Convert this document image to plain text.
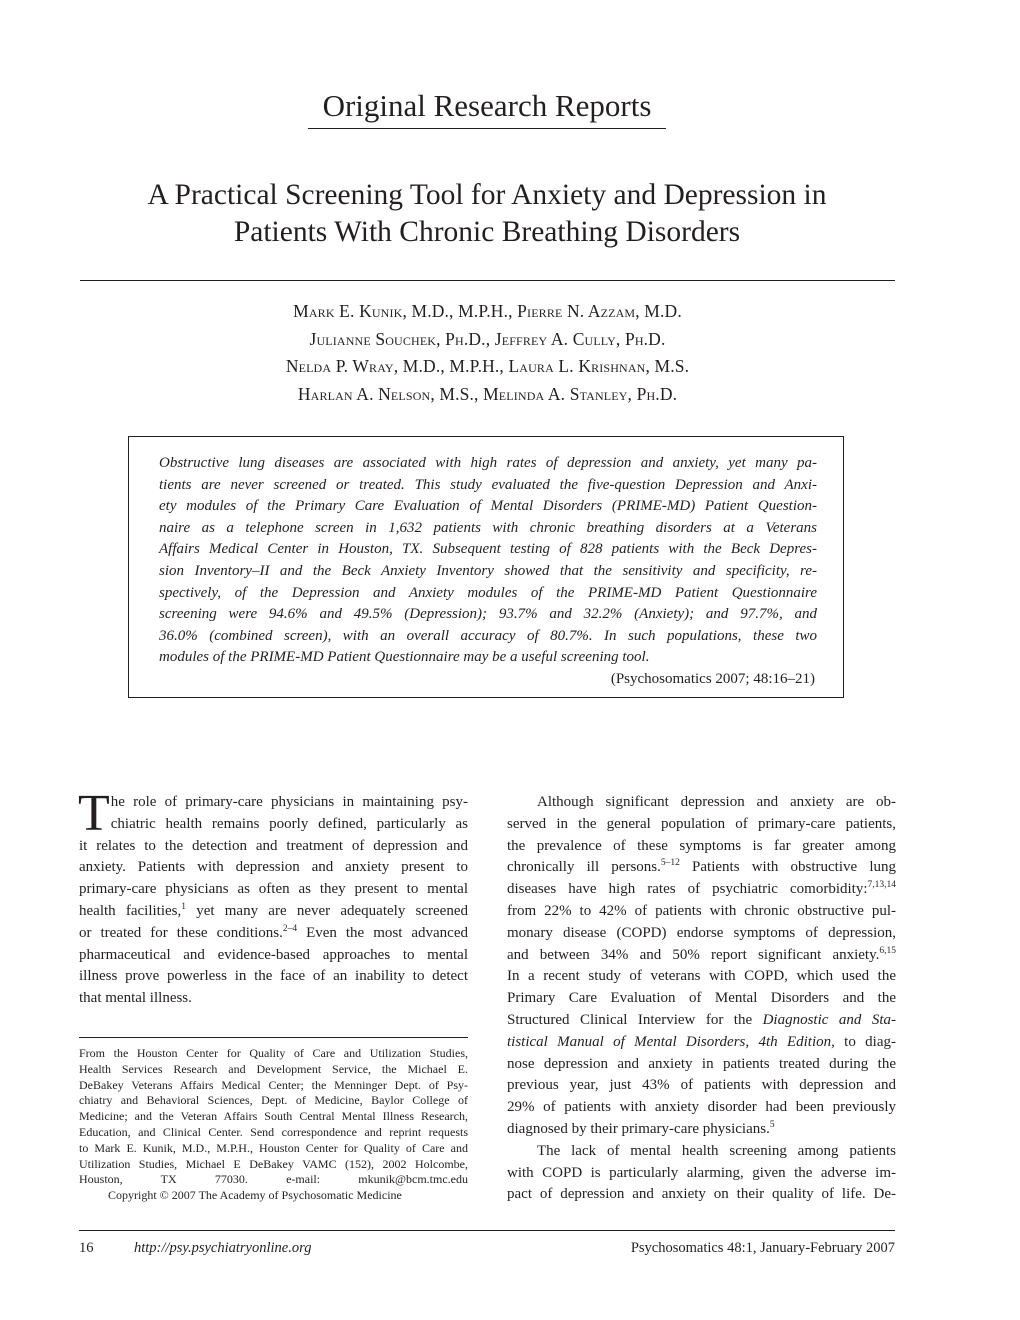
Original Research Reports
A Practical Screening Tool for Anxiety and Depression in
Patients With Chronic Breathing Disorders
Mark E. Kunik, M.D., M.P.H., Pierre N. Azzam, M.D.
Julianne Souchek, Ph.D., Jeffrey A. Cully, Ph.D.
Nelda P. Wray, M.D., M.P.H., Laura L. Krishnan, M.S.
Harlan A. Nelson, M.S., Melinda A. Stanley, Ph.D.
Obstructive lung diseases are associated with high rates of depression and anxiety, yet many pa-
tients are never screened or treated. This study evaluated the five-question Depression and Anxi-
ety modules of the Primary Care Evaluation of Mental Disorders (PRIME-MD) Patient Question-
naire as a telephone screen in 1,632 patients with chronic breathing disorders at a Veterans
Affairs Medical Center in Houston, TX. Subsequent testing of 828 patients with the Beck Depres-
sion Inventory–II and the Beck Anxiety Inventory showed that the sensitivity and specificity, re-
spectively, of the Depression and Anxiety modules of the PRIME-MD Patient Questionnaire
screening were 94.6% and 49.5% (Depression); 93.7% and 32.2% (Anxiety); and 97.7%, and
36.0% (combined screen), with an overall accuracy of 80.7%. In such populations, these two
modules of the PRIME-MD Patient Questionnaire may be a useful screening tool.
(Psychosomatics 2007; 48:16–21)
T he role of primary-care physicians in maintaining psy-
chiatric health remains poorly defined, particularly as
it relates to the detection and treatment of depression and
anxiety. Patients with depression and anxiety present to
primary-care physicians as often as they present to mental
health facilities,$^1$ yet many are never adequately screened
or treated for these conditions.$^{2-4}$ Even the most advanced
pharmaceutical and evidence-based approaches to mental
illness prove powerless in the face of an inability to detect
that mental illness.
From the Houston Center for Quality of Care and Utilization Studies,
Health Services Research and Development Service, the Michael E.
DeBakey Veterans Affairs Medical Center; the Menninger Dept. of Psy-
chiatry and Behavioral Sciences, Dept. of Medicine, Baylor College of
Medicine; and the Veteran Affairs South Central Mental Illness Research,
Education, and Clinical Center. Send correspondence and reprint requests
to Mark E. Kunik, M.D., M.P.H., Houston Center for Quality of Care and
Utilization Studies, Michael E DeBakey VAMC (152), 2002 Holcombe,
Houston, TX 77030. e-mail: mkunik@bcm.tmc.edu
Copyright © 2007 The Academy of Psychosomatic Medicine
Although significant depression and anxiety are ob-
served in the general population of primary-care patients,
the prevalence of these symptoms is far greater among
chronically ill persons.$^{5-12}$ Patients with obstructive lung
diseases have high rates of psychiatric comorbidity:$^{7,13,14}$
from 22% to 42% of patients with chronic obstructive pul-
monary disease (COPD) endorse symptoms of depression,
and between 34% and 50% report significant anxiety.$^{6,15}$
In a recent study of veterans with COPD, which used the
Primary Care Evaluation of Mental Disorders and the
Structured Clinical Interview for the Diagnostic and Sta-
tistical Manual of Mental Disorders, 4th Edition, to diag-
nose depression and anxiety in patients treated during the
previous year, just 43% of patients with depression and
29% of patients with anxiety disorder had been previously
diagnosed by their primary-care physicians.$^5$
The lack of mental health screening among patients
with COPD is particularly alarming, given the adverse im-
pact of depression and anxiety on their quality of life. De-
16	http://psy.psychiatryonline.org	Psychosomatics 48:1, January-February 2007
